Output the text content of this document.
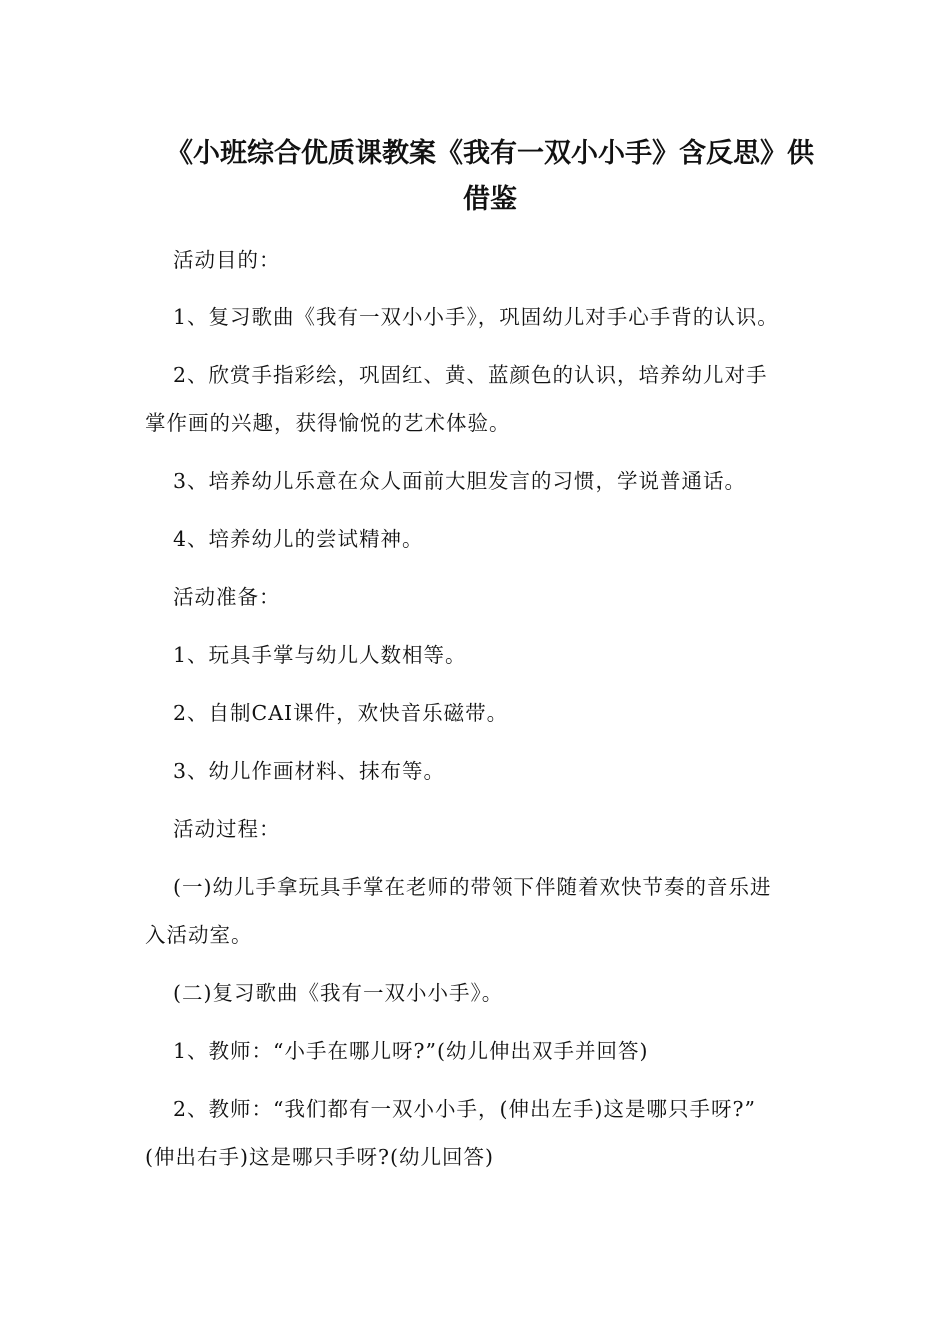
《小班综合优质课教案《我有一双小小手》含反思》供
借鉴

活动目的：

1、复习歌曲《我有一双小小手》，巩固幼儿对手心手背的认识。

2、欣赏手指彩绘，巩固红、黄、蓝颜色的认识，培养幼儿对手

掌作画的兴趣，获得愉悦的艺术体验。

3、培养幼儿乐意在众人面前大胆发言的习惯，学说普通话。

4、培养幼儿的尝试精神。

活动准备：

1、玩具手掌与幼儿人数相等。

2、自制CAI课件，欢快音乐磁带。

3、幼儿作画材料、抹布等。

活动过程：

(一)幼儿手拿玩具手掌在老师的带领下伴随着欢快节奏的音乐进

入活动室。

(二)复习歌曲《我有一双小小手》。

1、教师：“小手在哪儿呀?”(幼儿伸出双手并回答)

2、教师：“我们都有一双小小手，(伸出左手)这是哪只手呀?”

(伸出右手)这是哪只手呀?(幼儿回答)
